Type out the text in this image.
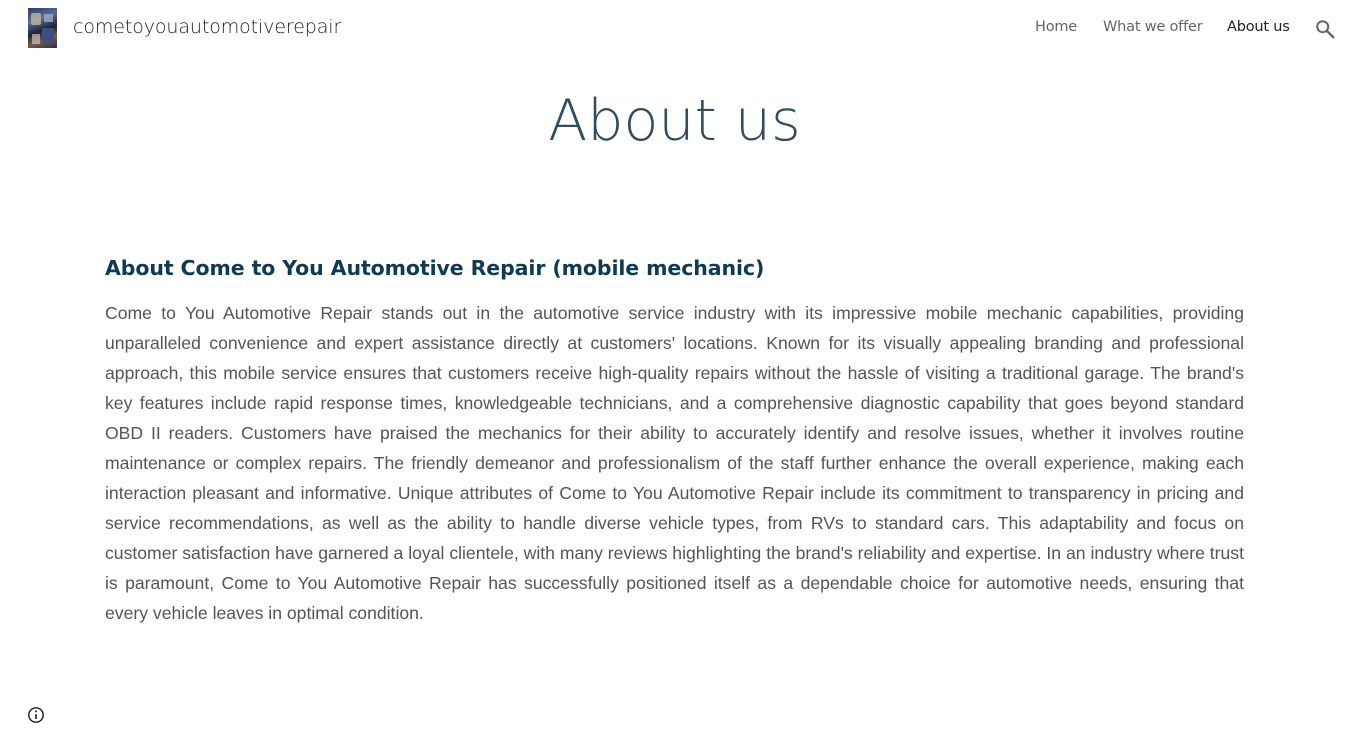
cometoyouautomotiverepair	Home What we offer About us
About us
About Come to You Automotive Repair (mobile mechanic)

Come to You Automotive Repair stands out in the automotive service industry with its impressive mobile mechanic capabilities, providing unparalleled convenience and expert assistance directly at customers' locations. Known for its visually appealing branding and professional approach, this mobile service ensures that customers receive high-quality repairs without the hassle of visiting a traditional garage. The brand's key features include rapid response times, knowledgeable technicians, and a comprehensive diagnostic capability that goes beyond standard OBD II readers. Customers have praised the mechanics for their ability to accurately identify and resolve issues, whether it involves routine maintenance or complex repairs. The friendly demeanor and professionalism of the staff further enhance the overall experience, making each interaction pleasant and informative. Unique attributes of Come to You Automotive Repair include its commitment to transparency in pricing and service recommendations, as well as the ability to handle diverse vehicle types, from RVs to standard cars. This adaptability and focus on customer satisfaction have garnered a loyal clientele, with many reviews highlighting the brand's reliability and expertise. In an industry where trust is paramount, Come to You Automotive Repair has successfully positioned itself as a dependable choice for automotive needs, ensuring that every vehicle leaves in optimal condition.
